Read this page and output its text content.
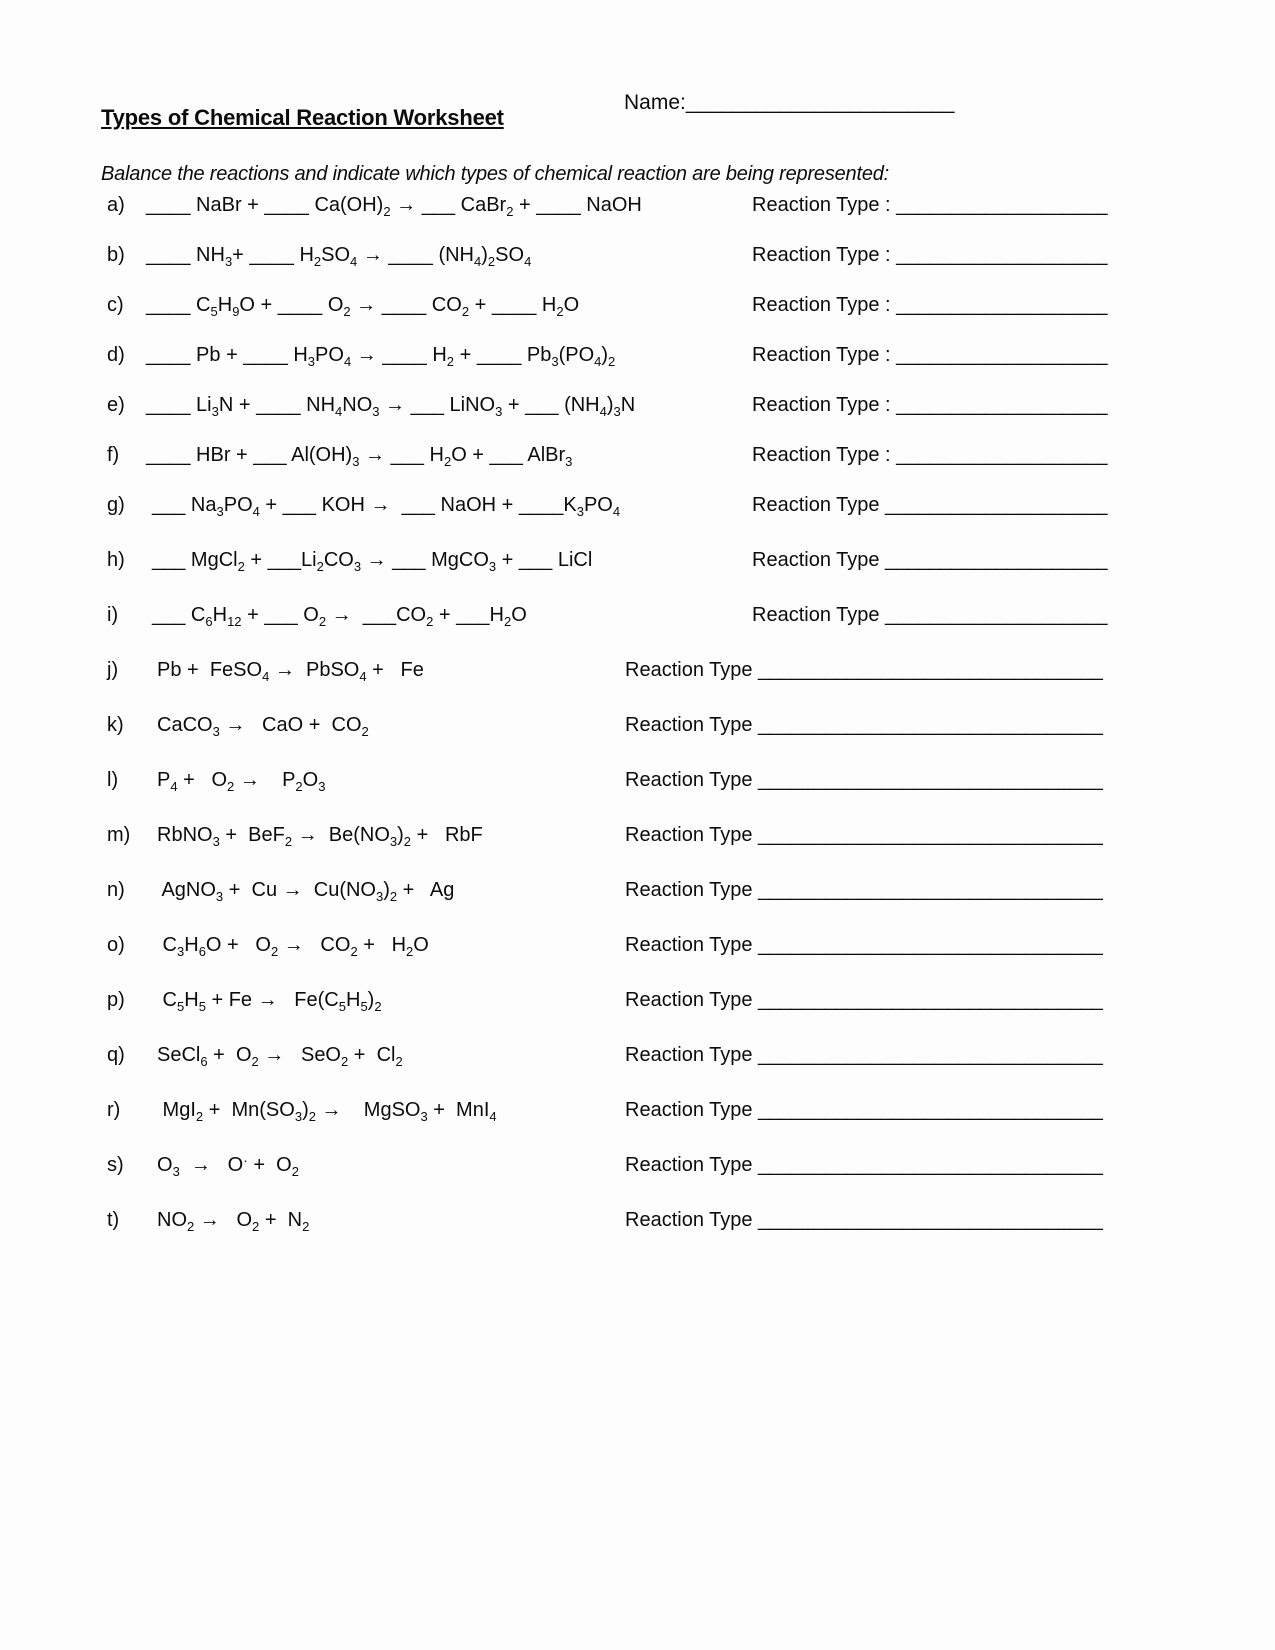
Types of Chemical Reaction Worksheet
Name:_______________________

Balance the reactions and indicate which types of chemical reaction are being represented:

a) ____ NaBr + ____ $Ca(OH)_2$ → ___ CaBr$_2$ + ____ NaOH	Reaction Type : ___________________
b) ____ $NH_3+$ ____ $H_2SO_4$ → ____ $(NH_4)_2SO_4$	Reaction Type : ___________________
c) ____ $C_5H_9O$ + ____ $O_2$ → ____ $CO_2$ + ____ $H_2O$	Reaction Type : ___________________
d) ____ Pb + ____ $H_3PO_4$ → ____ $H_2$ + ____ $Pb_3(PO_4)_2$	Reaction Type : ___________________
e) ____ $Li_3N$ + ____ $NH_4NO_3$ → ___ LiNO$_3$ + ___ $(NH_4)_3N$	Reaction Type : ___________________
f) ____ HBr + ___ $Al(OH)_3$ → ___ $H_2O$ + ___ AlBr$_3$	Reaction Type : ___________________
g) ___ $Na_3PO_4$ + ___ KOH →  ___ NaOH + $\_\_\_\_K_3PO_4$	Reaction Type ____________________
h) ___ MgCl$_2$ + $\_\_\_Li_2CO_3$ → ___ MgCO$_3$ + ___ LiCl	Reaction Type ____________________
i) ___ $C_6H_{12}$ + ___ $O_2$ →  $\_\_\_CO_2$ + $\_\_\_H_2O$	Reaction Type ____________________
j) Pb +  FeSO$_4$ →  PbSO$_4$ +   Fe	Reaction Type _______________________________
k) CaCO$_3$ →   CaO +  $CO_2$	Reaction Type _______________________________
l) $P_4 + O_2$ →    $P_2O_3$	Reaction Type _______________________________
m) RbNO$_3$ +  $BeF_2 \to Be(NO_3)_2$ +   RbF	Reaction Type _______________________________
n) AgNO$_3$ +  $Cu \to Cu(NO_3)_2 + Ag$	Reaction Type _______________________________
o) $C_3H_6O + O_2 \to CO_2 + H_2O$	Reaction Type _______________________________
p) $C_5H_5 + Fe \to Fe(C_5H_5)_2$	Reaction Type _______________________________
q) SeCl$_6$ +  $O_2 \to SeO_2 + Cl_2$	Reaction Type _______________________________
r) $MgI_2 + Mn(SO_3)_2$ →    MgSO$_3$ +  MnI$_4$	Reaction Type _______________________________
s) $O_3 \to O^\cdot + O_2$	Reaction Type _______________________________
t) $NO_2 \to O_2 + N_2$	Reaction Type _______________________________
